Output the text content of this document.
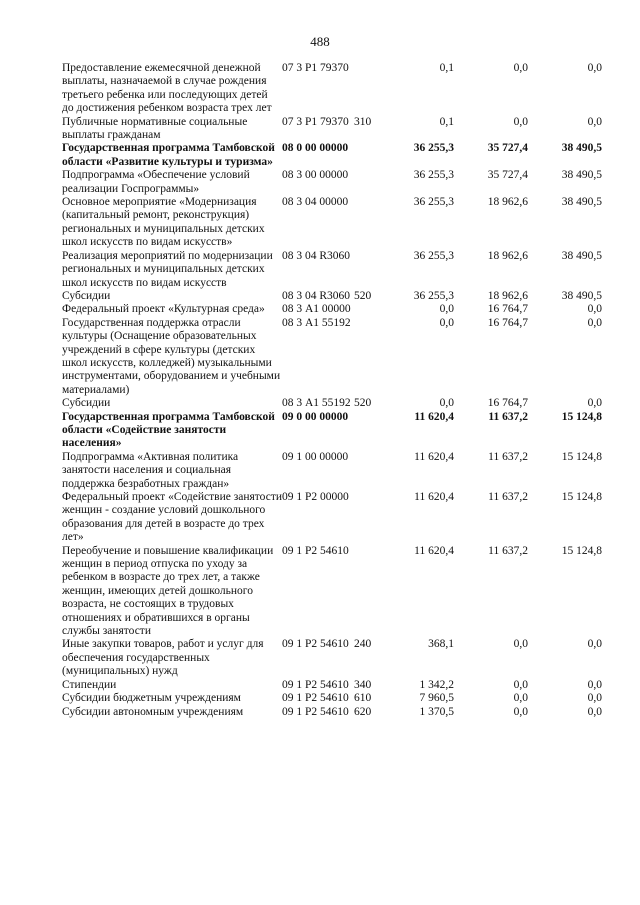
488
Предоставление ежемесячной денежной выплаты, назначаемой в случае рождения третьего ребенка или последующих детей до достижения ребенком возраста трех лет	07 3 Р1 79370		0,1	0,0	0,0
Публичные нормативные социальные выплаты гражданам	07 3 Р1 79370	310	0,1	0,0	0,0
Государственная программа Тамбовской области «Развитие культуры и туризма»	08 0 00 00000		36 255,3	35 727,4	38 490,5
Подпрограмма «Обеспечение условий реализации Госпрограммы»	08 3 00 00000		36 255,3	35 727,4	38 490,5
Основное мероприятие «Модернизация (капитальный ремонт, реконструкция) региональных и муниципальных детских школ искусств по видам искусств»	08 3 04 00000		36 255,3	18 962,6	38 490,5
Реализация мероприятий по модернизации региональных и муниципальных детских школ искусств по видам искусств	08 3 04 R3060		36 255,3	18 962,6	38 490,5
Субсидии	08 3 04 R3060	520	36 255,3	18 962,6	38 490,5
Федеральный проект «Культурная среда»	08 3 А1 00000		0,0	16 764,7	0,0
Государственная поддержка отрасли культуры (Оснащение образовательных учреждений в сфере культуры (детских школ искусств, колледжей) музыкальными инструментами, оборудованием и учебными материалами)	08 3 А1 55192		0,0	16 764,7	0,0
Субсидии	08 3 А1 55192	520	0,0	16 764,7	0,0
Государственная программа Тамбовской области «Содействие занятости населения»	09 0 00 00000		11 620,4	11 637,2	15 124,8
Подпрограмма «Активная политика занятости населения и социальная поддержка безработных граждан»	09 1 00 00000		11 620,4	11 637,2	15 124,8
Федеральный проект «Содействие занятости женщин - создание условий дошкольного образования для детей в возрасте до трех лет»	09 1 Р2 00000		11 620,4	11 637,2	15 124,8
Переобучение и повышение квалификации женщин в период отпуска по уходу за ребенком в возрасте до трех лет, а также женщин, имеющих детей дошкольного возраста, не состоящих в трудовых отношениях и обратившихся в органы службы занятости	09 1 Р2 54610		11 620,4	11 637,2	15 124,8
Иные закупки товаров, работ и услуг для обеспечения государственных (муниципальных) нужд	09 1 Р2 54610	240	368,1	0,0	0,0
Стипендии	09 1 Р2 54610	340	1 342,2	0,0	0,0
Субсидии бюджетным учреждениям	09 1 Р2 54610	610	7 960,5	0,0	0,0
Субсидии автономным учреждениям	09 1 Р2 54610	620	1 370,5	0,0	0,0
